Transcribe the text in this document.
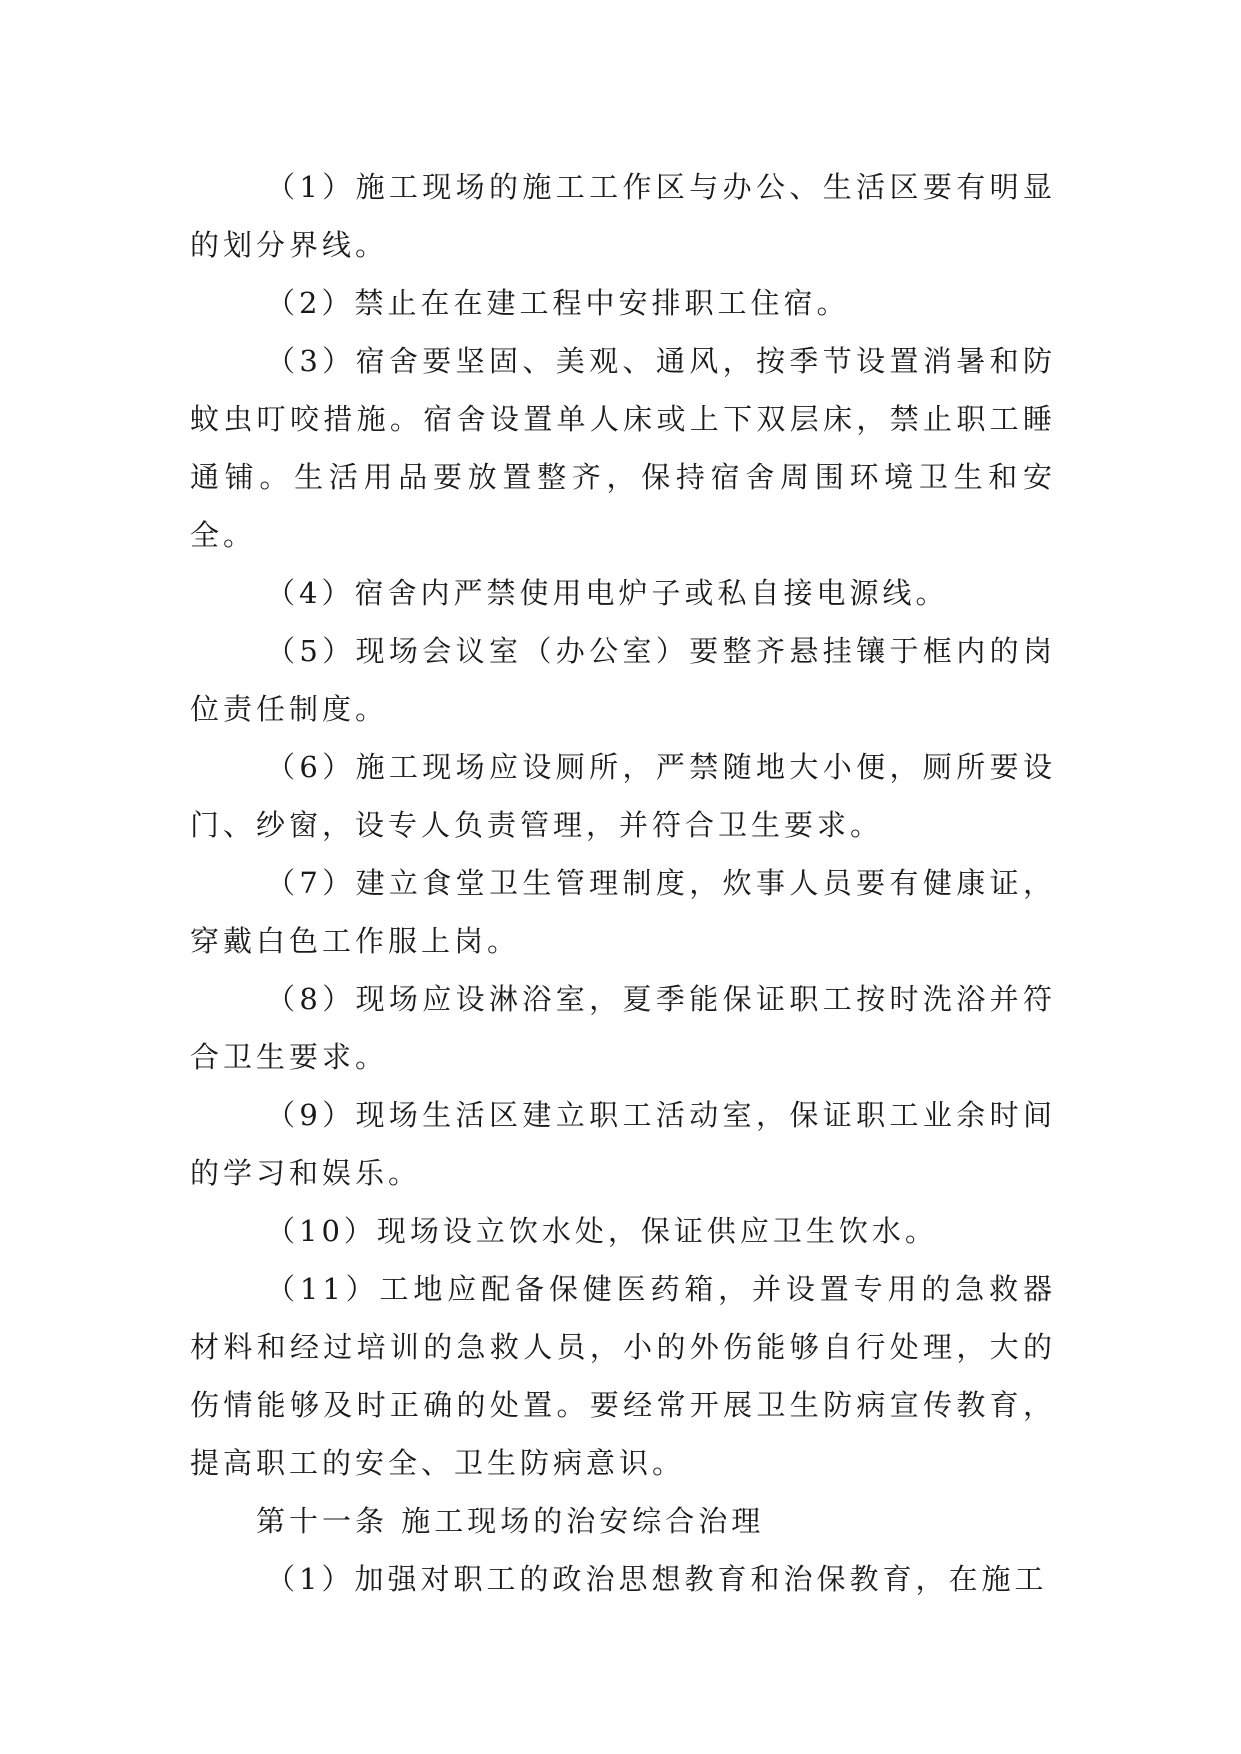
（1）施工现场的施工工作区与办公、生活区要有明显的划分界线。

（2）禁止在在建工程中安排职工住宿。

（3）宿舍要坚固、美观、通风，按季节设置消暑和防蚊虫叮咬措施。宿舍设置单人床或上下双层床，禁止职工睡通铺。生活用品要放置整齐，保持宿舍周围环境卫生和安全。

（4）宿舍内严禁使用电炉子或私自接电源线。

（5）现场会议室（办公室）要整齐悬挂镶于框内的岗位责任制度。

（6）施工现场应设厕所，严禁随地大小便，厕所要设门、纱窗，设专人负责管理，并符合卫生要求。

（7）建立食堂卫生管理制度，炊事人员要有健康证，穿戴白色工作服上岗。

（8）现场应设淋浴室，夏季能保证职工按时洗浴并符合卫生要求。

（9）现场生活区建立职工活动室，保证职工业余时间的学习和娱乐。

（10）现场设立饮水处，保证供应卫生饮水。

（11）工地应配备保健医药箱，并设置专用的急救器材料和经过培训的急救人员，小的外伤能够自行处理，大的伤情能够及时正确的处置。要经常开展卫生防病宣传教育，提高职工的安全、卫生防病意识。

第十一条 施工现场的治安综合治理

（1）加强对职工的政治思想教育和治保教育，在施工
